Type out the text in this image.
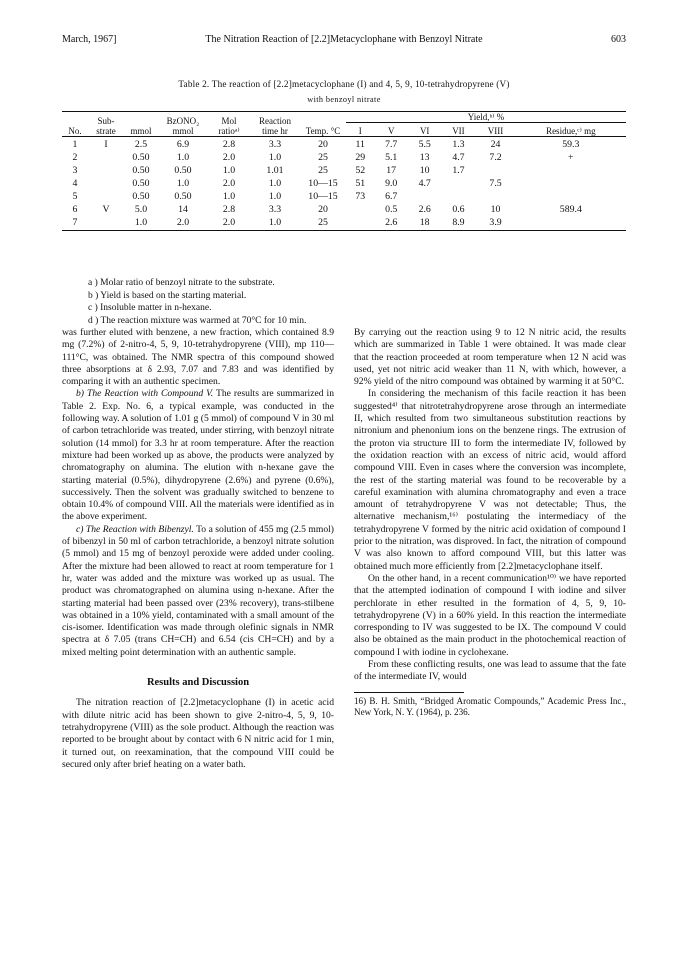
March, 1967]	The Nitration Reaction of [2.2]Metacyclophane with Benzoyl Nitrate	603
Table 2. The reaction of [2.2]metacyclophane (I) and 4, 5, 9, 10-tetrahydropyrene (V)
with benzoyl nitrate
No.	Sub- strate	mmol	BzONO₂ mmol	Mol ratioᵃ⁾	Reaction time hr	Temp. °C	Yield,ᵇ⁾ %					
							I	V	VI	VII	VIII	Residue,ᶜ⁾ mg
1	I	2.5	6.9	2.8	3.3	20	11	7.7	5.5	1.3	24	59.3
2		0.50	1.0	2.0	1.0	25	29	5.1	13	4.7	7.2	+
3		0.50	0.50	1.0	1.01	25	52	17	10	1.7		
4		0.50	1.0	2.0	1.0	10—15	51	9.0	4.7		7.5	
5		0.50	0.50	1.0	1.0	10—15	73	6.7				
6	V	5.0	14	2.8	3.3	20		0.5	2.6	0.6	10	589.4
7		1.0	2.0	2.0	1.0	25		2.6	18	8.9	3.9	
a ) Molar ratio of benzoyl nitrate to the substrate.
b ) Yield is based on the starting material.
c ) Insoluble matter in n-hexane.
d ) The reaction mixture was warmed at 70°C for 10 min.

was further eluted with benzene, a new fraction, which contained 8.9 mg (7.2%) of 2-nitro-4, 5, 9, 10-tetrahydropyrene (VIII), mp 110—111°C, was obtained. The NMR spectra of this compound showed three absorptions at δ 2.93, 7.07 and 7.83 and was identified by comparing it with an authentic specimen.

b) The Reaction with Compound V. The results are summarized in Table 2. Exp. No. 6, a typical example, was conducted in the following way. A solution of 1.01 g (5 mmol) of compound V in 30 ml of carbon tetrachloride was treated, under stirring, with benzoyl nitrate solution (14 mmol) for 3.3 hr at room temperature. After the reaction mixture had been worked up as above, the products were analyzed by chromatography on alumina. The elution with n-hexane gave the starting material (0.5%), dihydropyrene (2.6%) and pyrene (0.6%), successively. Then the solvent was gradually switched to benzene to obtain 10.4% of compound VIII. All the materials were identified as in the above experiment.

c) The Reaction with Bibenzyl. To a solution of 455 mg (2.5 mmol) of bibenzyl in 50 ml of carbon tetrachloride, a benzoyl nitrate solution (5 mmol) and 15 mg of benzoyl peroxide were added under cooling. After the mixture had been allowed to react at room temperature for 1 hr, water was added and the mixture was worked up as usual. The product was chromatographed on alumina using n-hexane. After the starting material had been passed over (23% recovery), trans-stilbene was obtained in a 10% yield, contaminated with a small amount of the cis-isomer. Identification was made through olefinic signals in NMR spectra at δ 7.05 (trans CH=CH) and 6.54 (cis CH=CH) and by a mixed melting point determination with an authentic sample.

Results and Discussion

The nitration reaction of [2.2]metacyclophane (I) in acetic acid with dilute nitric acid has been shown to give 2-nitro-4, 5, 9, 10-tetrahydropyrene (VIII) as the sole product. Although the reaction was reported to be brought about by contact with 6 N nitric acid for 1 min, it turned out, on reexamination, that the compound VIII could be secured only after brief heating on a water bath.

By carrying out the reaction using 9 to 12 N nitric acid, the results which are summarized in Table 1 were obtained. It was made clear that the reaction proceeded at room temperature when 12 N acid was used, yet not nitric acid weaker than 11 N, with which, however, a 92% yield of the nitro compound was obtained by warming it at 50°C.

In considering the mechanism of this facile reaction it has been suggested⁴⁾ that nitrotetrahydropyrene arose through an intermediate II, which resulted from two simultaneous substitution reactions by nitronium and phenonium ions on the benzene rings. The extrusion of the proton via structure III to form the intermediate IV, followed by the oxidation reaction with an excess of nitric acid, would afford compound VIII. Even in cases where the conversion was incomplete, the rest of the starting material was found to be recoverable by a careful examination with alumina chromatography and even a trace amount of tetrahydropyrene V was not detectable; Thus, the alternative mechanism,¹⁶⁾ postulating the intermediacy of the tetrahydropyrene V formed by the nitric acid oxidation of compound I prior to the nitration, was disproved. In fact, the nitration of compound V was also known to afford compound VIII, but this latter was obtained much more efficiently from [2.2]metacyclophane itself.

On the other hand, in a recent communication¹⁰⁾ we have reported that the attempted iodination of compound I with iodine and silver perchlorate in ether resulted in the formation of 4, 5, 9, 10-tetrahydropyrene (V) in a 60% yield. In this reaction the intermediate corresponding to IV was suggested to be IX. The compound V could also be obtained as the main product in the photochemical reaction of compound I with iodine in cyclohexane.

From these conflicting results, one was lead to assume that the fate of the intermediate IV, would

16) B. H. Smith, “Bridged Aromatic Compounds,” Academic Press Inc., New York, N. Y. (1964), p. 236.
